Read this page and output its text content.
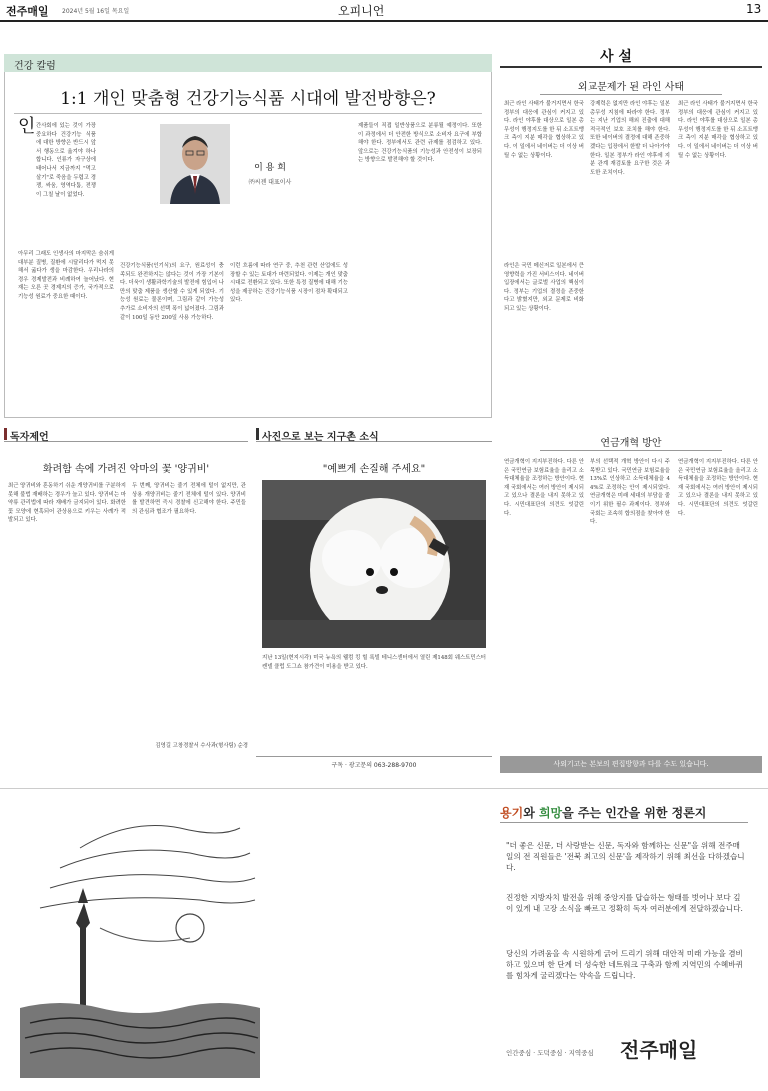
전주매일 2024년 5월 16일 목요일	오피니언	13
건강 칼럼
1:1 개인 맞춤형 건강기능식품 시대에 발전방향은?
인 간사회에 있는 것이 가장 중요하다 건강기능 식품에 대한 방향은 반드시 앞서 행동으로 옮겨야 하나 합니다. 인류가 자구상에 태어나서 지금까지 "먹고 살기"로 죽음을 두렵고 경쟁, 싸움, 영역다툼, 전쟁이 그칠 날이 없었다.
아무리 그래도 인생사의 마지막은 숨쉬게 대부분 질병, 질환에 시달리다가 먹지 못해서 굶다가 생을 마감한다. 우리나라의 경우 경제발전과 비례하여 늘어났다. 현재는 오른 곳 경제지의 증가, 국가적으로 기능성 원료가 중요한 때이다.
이 용 희
㈜씨젠 대표이사
건강기능식품(인기식)의 요구, 원료성이 충족되도 완전하지는 않다는 것이 가장 기본이다. 더욱이 생활과학기술의 발전에 힘입어 나만의 맞춤 제품을 생산할 수 있게 되었다. 기능성 원료는 물론이며, 그림과 같이 가능성 추가로 소비자의 선택 폭이 넓어졌다. 그림과 같이 100일 동안 200일 사용 가능하다.
이런 흐름에 따라 연구 중, 추천 관련 산업에도 성장할 수 있는 토대가 마련되었다. 이제는 개인 맞춤 시대로 전환되고 있다. 또한 특정 질병에 대해 기능성을 제공하는 건강기능식품 시장이 점차 확대되고 있다.
제품들이 직접 일반상품으로 분류될 예정이다. 또한 이 과정에서 더 안전한 방식으로 소비자 요구에 부합해야 한다. 정부에서도 관련 규제를 점검하고 있다. 앞으로는 건강기능식품의 기능성과 안전성이 보장되는 방향으로 발전해야 할 것이다.
사 설
외교문제가 된 라인 사태
최근 라인 사태가 불거지면서 한국 정부의 대응에 관심이 커지고 있다. 라인 야후를 대상으로 일본 총무성이 행정지도를 한 뒤 소프트뱅크 측이 지분 매각을 협상하고 있다. 이 일에서 네이버는 더 이상 버틸 수 없는 상황이다.
라인은 국민 메신저로 일본에서 큰 영향력을 가진 서비스이다. 네이버 입장에서는 글로벌 사업의 핵심이다. 정부는 기업의 결정을 존중한다고 밝혔지만, 외교 문제로 비화되고 있는 상황이다.
강제력은 없지만 라인 야후는 일본 총무성 지침에 따라야 한다. 정부는 지난 기업의 해외 진출에 대해 적극적인 보호 조치를 해야 한다. 또한 네이버의 결정에 대해 존중하겠다는 입장에서 한발 더 나아가야 한다. 일본 정부가 라인 야후에 지분 관계 재검토를 요구한 것은 과도한 조치이다.
최근 라인 사태가 불거지면서 한국 정부의 대응에 관심이 커지고 있다. 라인 야후를 대상으로 일본 총무성이 행정지도를 한 뒤 소프트뱅크 측이 지분 매각을 협상하고 있다. 이 일에서 네이버는 더 이상 버틸 수 없는 상황이다.
연금개혁 방안
연금개혁이 지지부진하다. 다른 안은 국민연금 보험료율을 올리고 소득대체율을 조정하는 방안이다. 현재 국회에서는 여러 방안이 제시되고 있으나 결론을 내지 못하고 있다. 시민대표단의 의견도 엇갈린다.
부의 선택적 개혁 방안이 다시 주목받고 있다. 국민연금 보험료율을 13%로 인상하고 소득대체율을 44%로 조정하는 안이 제시되었다. 연금개혁은 미래 세대의 부담을 줄이기 위한 필수 과제이다. 정부와 국회는 조속히 합의점을 찾아야 한다.
연금개혁이 지지부진하다. 다른 안은 국민연금 보험료율을 올리고 소득대체율을 조정하는 방안이다. 현재 국회에서는 여러 방안이 제시되고 있으나 결론을 내지 못하고 있다. 시민대표단의 의견도 엇갈린다.
사외기고는 본보의 편집방향과 다를 수도 있습니다.
독자제언
화려함 속에 가려진 악마의 꽃 '양귀비'
최근 양귀비와 혼동하기 쉬운 개양귀비를 구분하지 못해 불법 재배하는 경우가 늘고 있다. 양귀비는 마약류 관리법에 따라 재배가 금지되어 있다. 화려한 꽃 모양에 현혹되어 관상용으로 키우는 사례가 적발되고 있다.
두 번째, 양귀비는 줄기 전체에 털이 없지만, 관상용 개양귀비는 줄기 전체에 털이 있다. 양귀비를 발견하면 즉시 경찰에 신고해야 한다. 주민들의 관심과 협조가 필요하다.
김영길 고창경찰서 수사과(형사팀) 순경
사진으로 보는 지구촌 소식
"예쁘게 손질해 주세요"
지난 13일(현지시각) 미국 뉴욕의 웰컴 킹 힐 록빌 테니스센터에서 열린 제148회 웨스트민스터 켄넬 클럽 도그쇼 참가견이 미용을 받고 있다.
구독 · 광고문의 063-288-9700
용기와 희망을 주는 인간을 위한 정론지
"더 좋은 신문, 더 사랑받는 신문, 독자와 함께하는 신문"을 위해 전주매일의 전 직원들은 '전북 최고의 신문'을 제작하기 위해 최선을 다하겠습니다.
진정한 지방자치 발전을 위해 중앙지를 답습하는 형태를 벗어나 보다 깊이 있게 내 고장 소식을 빠르고 정확히 독자 여러분에게 전달하겠습니다.
당신의 가려움을 속 시원하게 긁어 드리기 위해 대안적 미래 가능을 겸비하고 있으며 한 단계 더 성숙한 네트워크 구축과 함께 지역민의 수혜바퀴를 힘차게 굴리겠다는 약속을 드립니다.
인간중심 · 도덕중심 · 지역중심 전주매일
